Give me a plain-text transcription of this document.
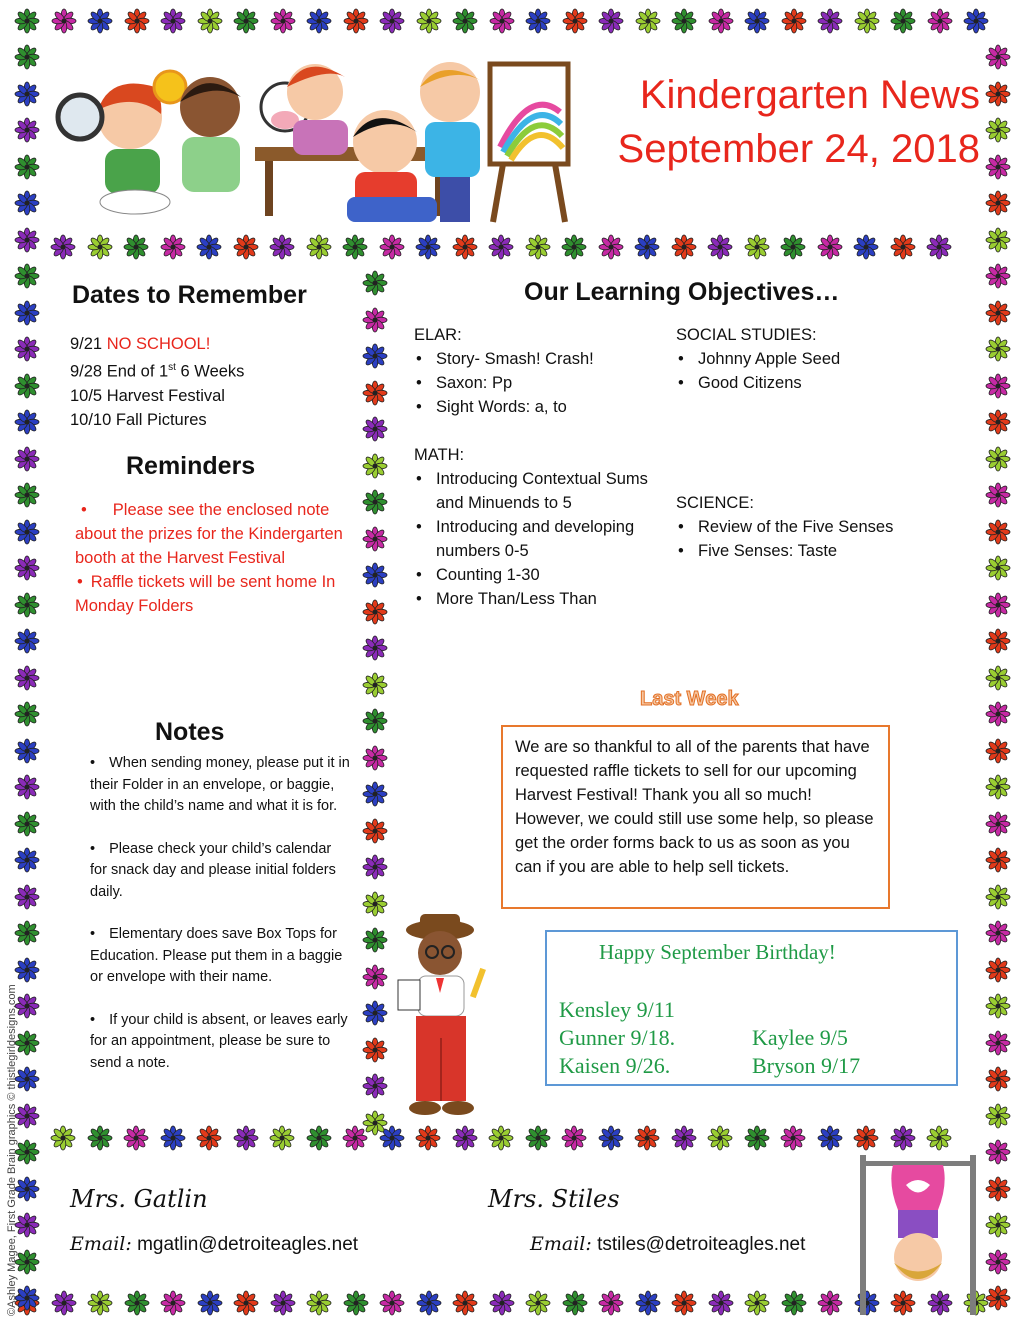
Kindergarten News
September 24, 2018
Dates to Remember
9/21 NO SCHOOL!
9/28 End of 1st 6 Weeks
10/5 Harvest Festival
10/10 Fall Pictures
Reminders
• Please see the enclosed note about the prizes for the Kindergarten booth at the Harvest Festival
• Raffle tickets will be sent home In Monday Folders
Notes
• When sending money, please put it in their Folder in an envelope, or baggie, with the child’s name and what it is for.
• Please check your child’s calendar for snack day and please initial folders daily.
• Elementary does save Box Tops for Education. Please put them in a baggie or envelope with their name.
• If your child is absent, or leaves early for an appointment, please be sure to send a note.
Our Learning Objectives…
ELAR:
• Story- Smash! Crash!
• Saxon: Pp
• Sight Words: a, to
MATH:
• Introducing Contextual Sums and Minuends to 5
• Introducing and developing numbers 0-5
• Counting 1-30
• More Than/Less Than
SOCIAL STUDIES:
• Johnny Apple Seed
• Good Citizens
SCIENCE:
• Review of the Five Senses
• Five Senses: Taste
Last Week
We are so thankful to all of the parents that have requested raffle tickets to sell for our upcoming Harvest Festival! Thank you all so much! However, we could still use some help, so please get the order forms back to us as soon as you can if you are able to help sell tickets.
Happy September Birthday!
Kensley 9/11
Gunner 9/18.
Kaisen 9/26.
Kaylee 9/5
Bryson 9/17
Mrs. Gatlin	Mrs. Stiles
Email: mgatlin@detroiteagles.net	Email: tstiles@detroiteagles.net
©Ashley Magee, First Grade Brain graphics © thistlegirldesigns.com
